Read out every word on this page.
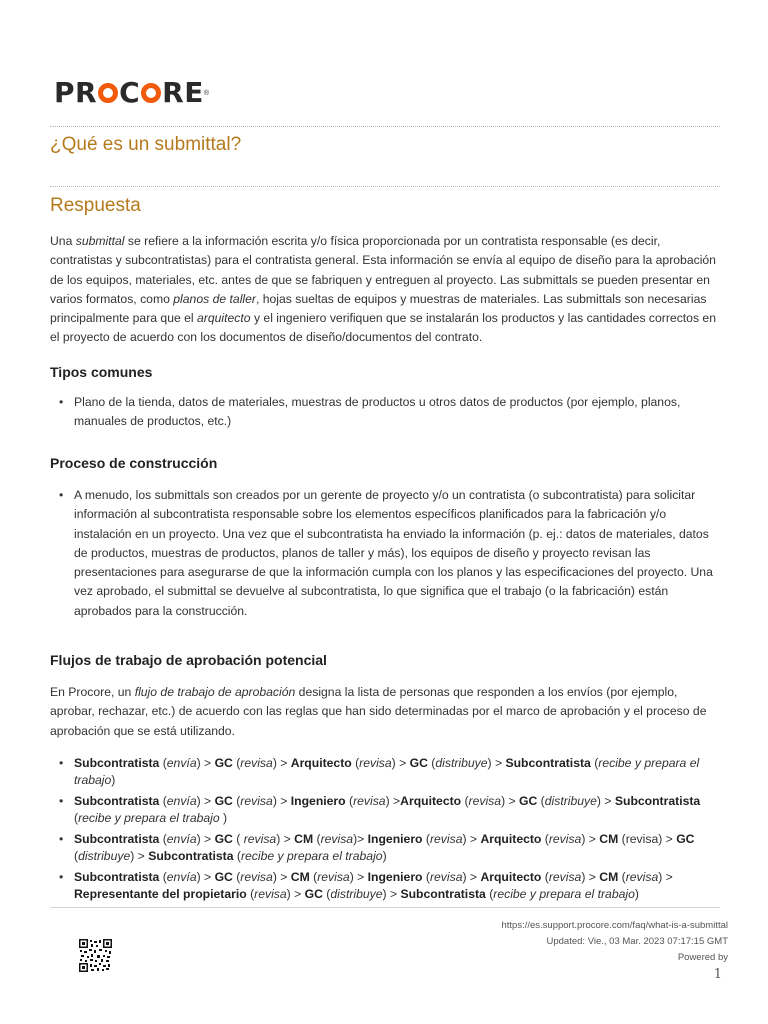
PR C RE ®
¿Qué es un submittal?
Respuesta

Una submittal se refiere a la información escrita y/o física proporcionada por un contratista responsable (es decir, contratistas y subcontratistas) para el contratista general. Esta información se envía al equipo de diseño para la aprobación de los equipos, materiales, etc. antes de que se fabriquen y entreguen al proyecto. Las submittals se pueden presentar en varios formatos, como planos de taller, hojas sueltas de equipos y muestras de materiales. Las submittals son necesarias principalmente para que el arquitecto y el ingeniero verifiquen que se instalarán los productos y las cantidades correctos en el proyecto de acuerdo con los documentos de diseño/documentos del contrato.

Tipos comunes
• Plano de la tienda, datos de materiales, muestras de productos u otros datos de productos (por ejemplo, planos, manuales de productos, etc.)
Proceso de construcción
• A menudo, los submittals son creados por un gerente de proyecto y/o un contratista (o subcontratista) para solicitar información al subcontratista responsable sobre los elementos específicos planificados para la fabricación y/o instalación en un proyecto. Una vez que el subcontratista ha enviado la información (p. ej.: datos de materiales, datos de productos, muestras de productos, planos de taller y más), los equipos de diseño y proyecto revisan las presentaciones para asegurarse de que la información cumpla con los planos y las especificaciones del proyecto. Una vez aprobado, el submittal se devuelve al subcontratista, lo que significa que el trabajo (o la fabricación) están aprobados para la construcción.
Flujos de trabajo de aprobación potencial

En Procore, un flujo de trabajo de aprobación designa la lista de personas que responden a los envíos (por ejemplo, aprobar, rechazar, etc.) de acuerdo con las reglas que han sido determinadas por el marco de aprobación y el proceso de aprobación que se está utilizando.

• Subcontratista (envía) > GC (revisa) > Arquitecto (revisa) > GC (distribuye) > Subcontratista (recibe y prepara el trabajo)
• Subcontratista (envía) > GC (revisa) > Ingeniero (revisa) >Arquitecto (revisa) > GC (distribuye) > Subcontratista (recibe y prepara el trabajo )
• Subcontratista (envía) > GC ( revisa) > CM (revisa)> Ingeniero (revisa) > Arquitecto (revisa) > CM (revisa) > GC (distribuye) > Subcontratista (recibe y prepara el trabajo)
• Subcontratista (envía) > GC (revisa) > CM (revisa) > Ingeniero (revisa) > Arquitecto (revisa) > CM (revisa) > Representante del propietario (revisa) > GC (distribuye) > Subcontratista (recibe y prepara el trabajo)
https://es.support.procore.com/faq/what-is-a-submittal
Updated: Vie., 03 Mar. 2023 07:17:15 GMT
Powered by
1
